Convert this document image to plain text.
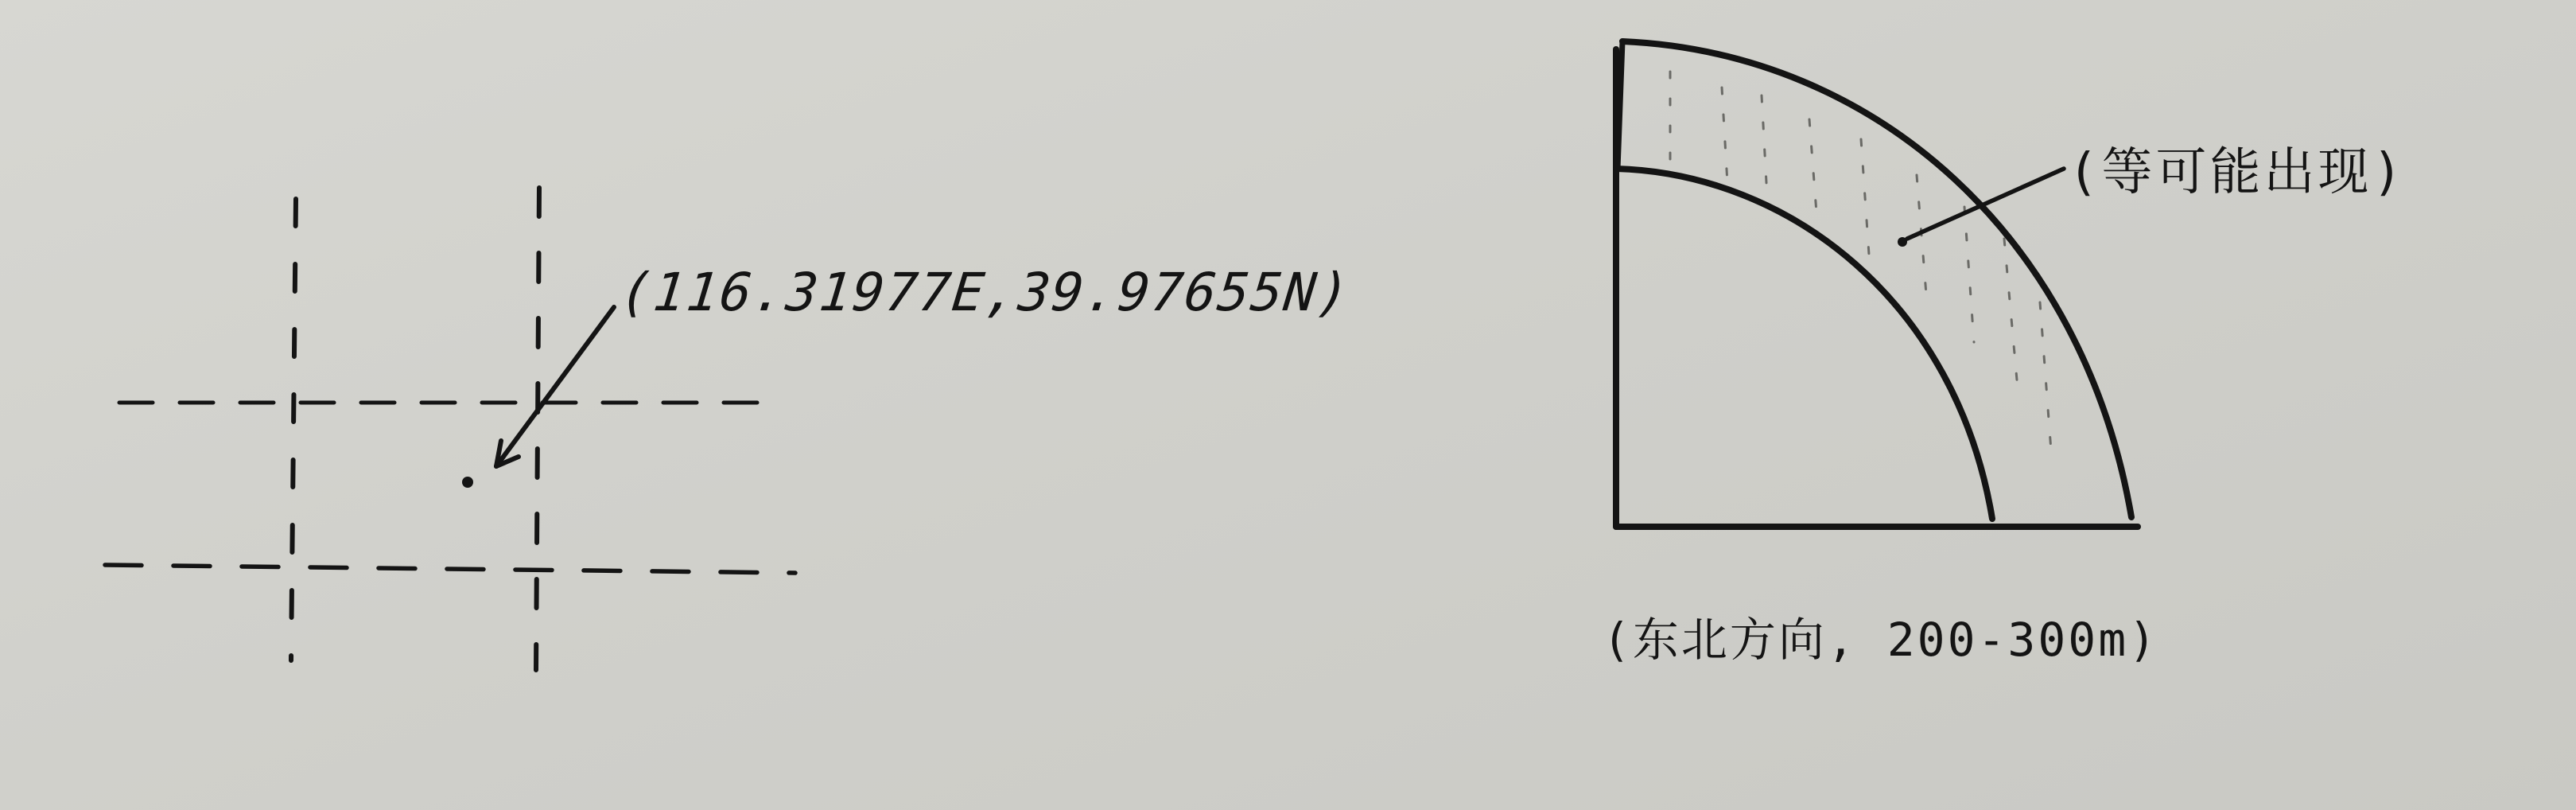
(116.31977E,39.97655N)
(等可能出现)
(东北方向, 200-300m)
